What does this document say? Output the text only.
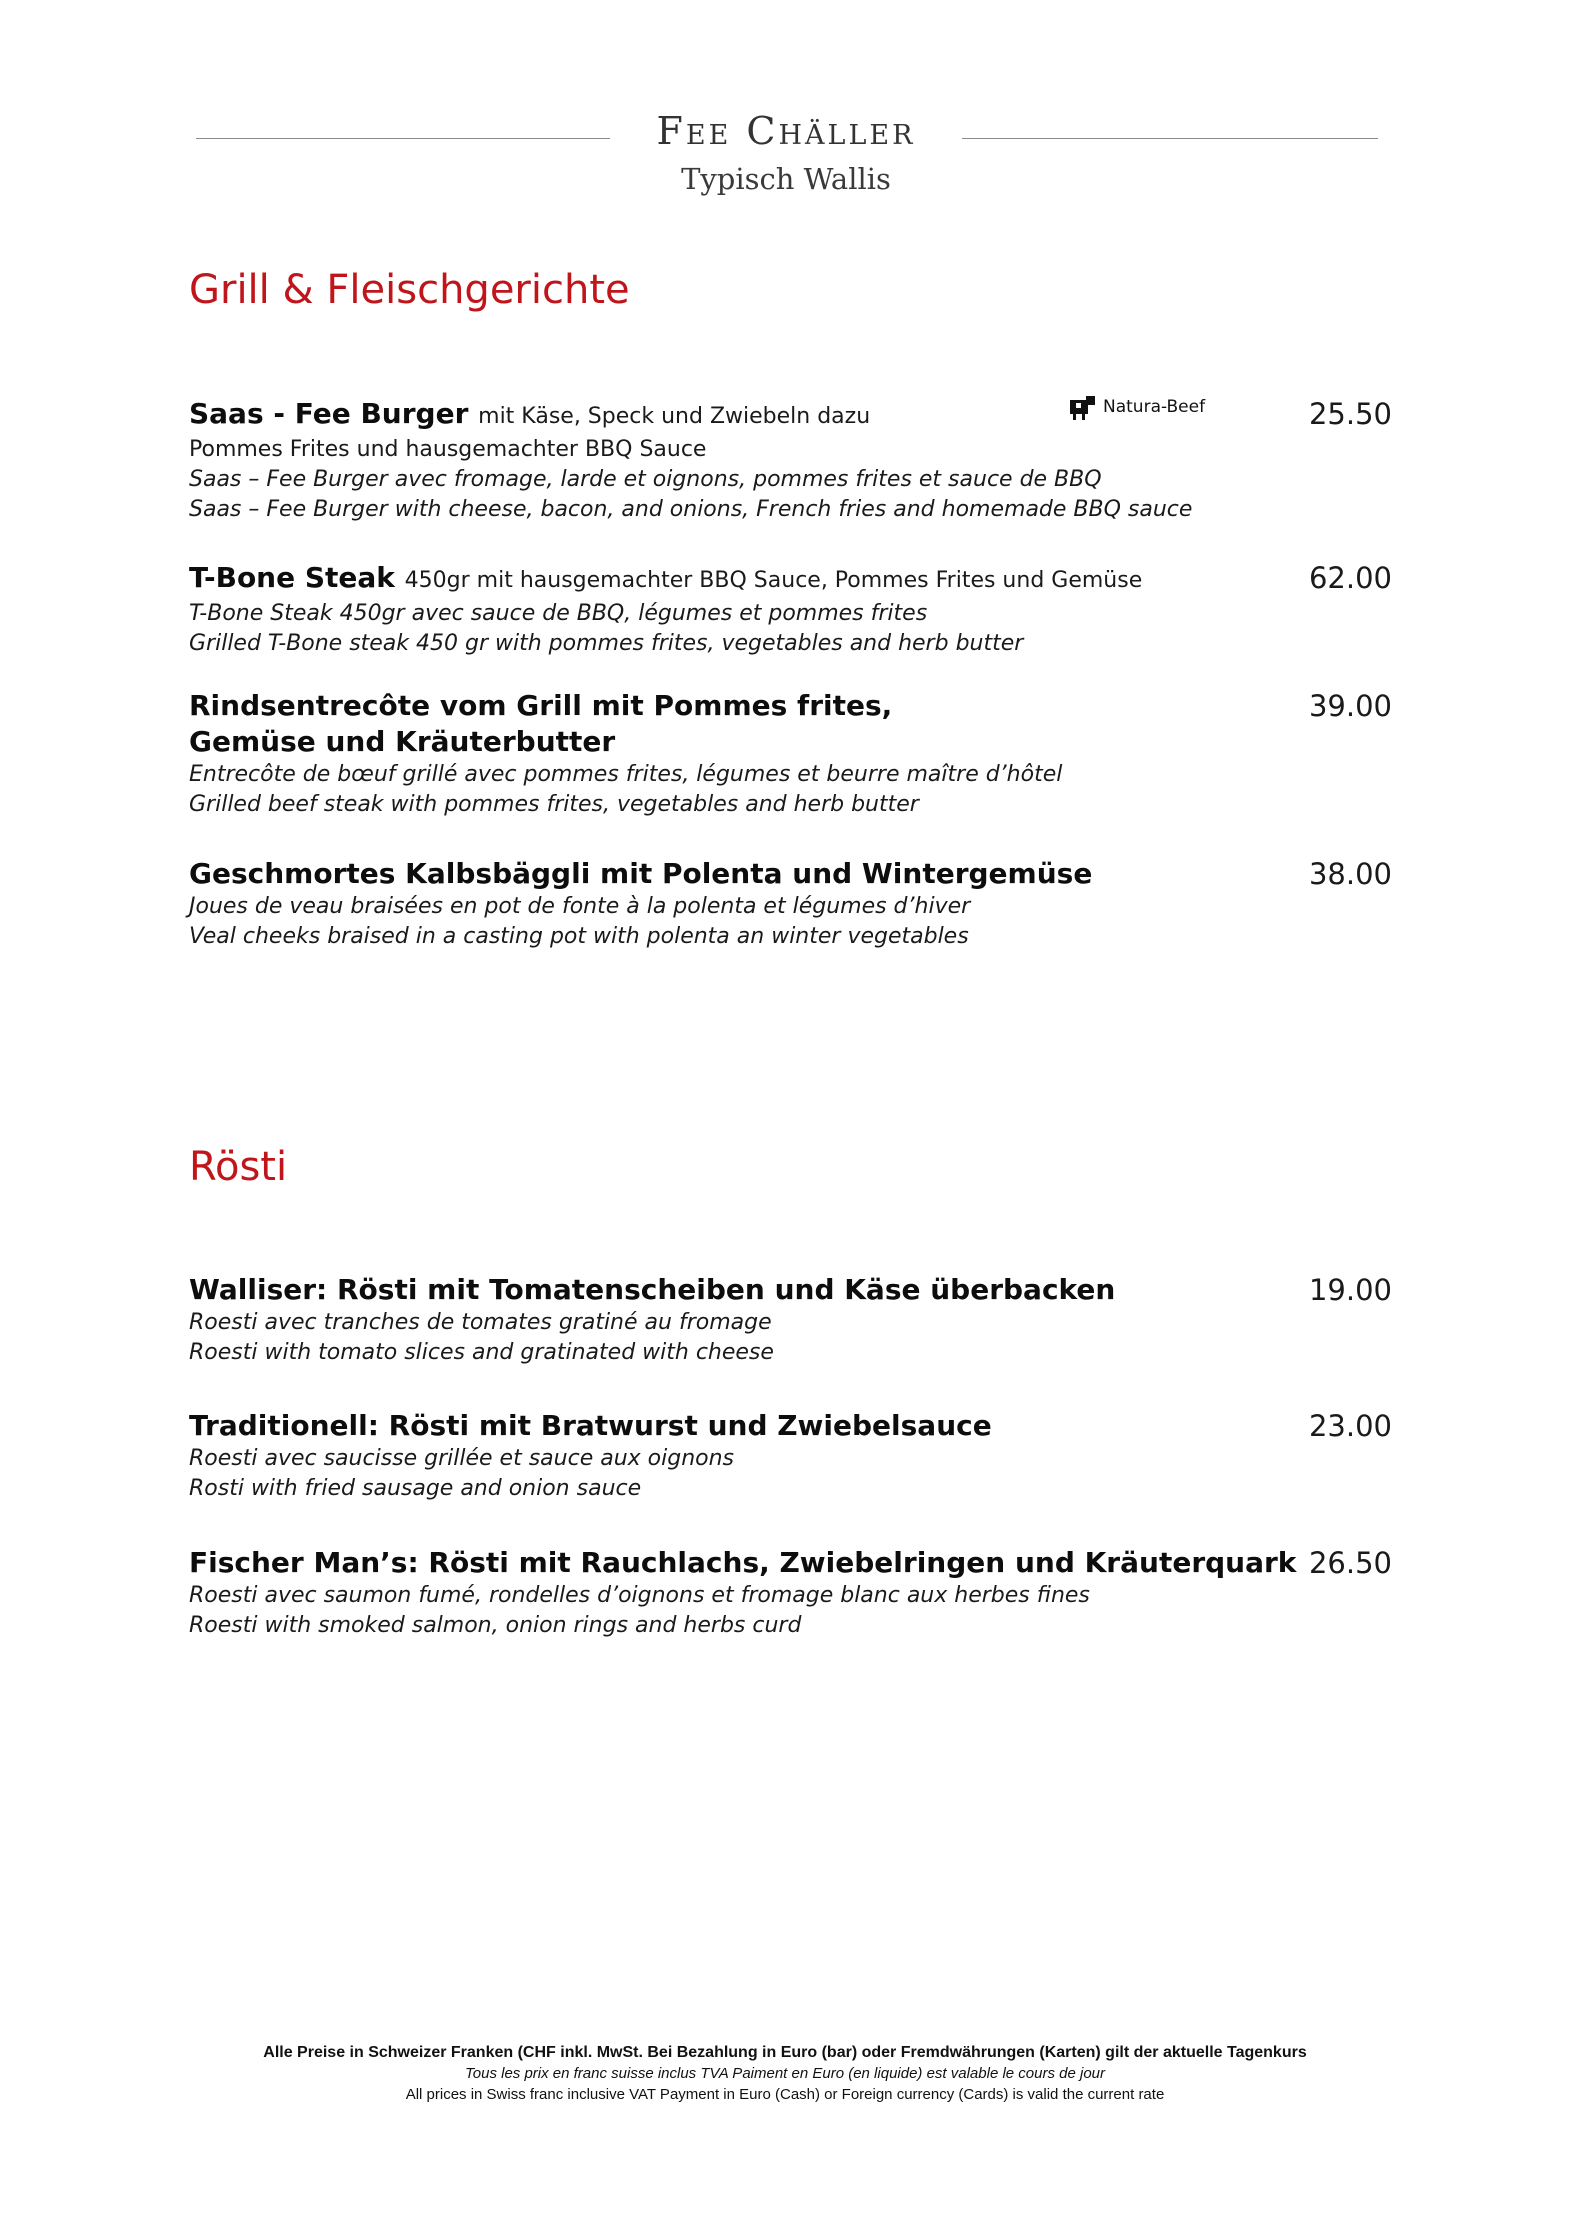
Fee Chäller
Typisch Wallis
Grill & Fleischgerichte
Saas - Fee Burger mit Käse, Speck und Zwiebeln dazu
Pommes Frites und hausgemachter BBQ Sauce
Saas – Fee Burger avec fromage, larde et oignons, pommes frites et sauce de BBQ
Saas – Fee Burger with cheese, bacon, and onions, French fries and homemade BBQ sauce
Natura-Beef	25.50
T-Bone Steak 450gr mit hausgemachter BBQ Sauce, Pommes Frites und Gemüse
T-Bone Steak 450gr avec sauce de BBQ, légumes et pommes frites
Grilled T-Bone steak 450 gr with pommes frites, vegetables and herb butter
62.00
Rindsentrecôte vom Grill mit Pommes frites,
Gemüse und Kräuterbutter
Entrecôte de bœuf grillé avec pommes frites, légumes et beurre maître d’hôtel
Grilled beef steak with pommes frites, vegetables and herb butter
39.00
Geschmortes Kalbsbäggli mit Polenta und Wintergemüse
Joues de veau braisées en pot de fonte à la polenta et légumes d’hiver
Veal cheeks braised in a casting pot with polenta an winter vegetables
38.00
Rösti
Walliser: Rösti mit Tomatenscheiben und Käse überbacken
Roesti avec tranches de tomates gratiné au fromage
Roesti with tomato slices and gratinated with cheese
19.00
Traditionell: Rösti mit Bratwurst und Zwiebelsauce
Roesti avec saucisse grillée et sauce aux oignons
Rosti with fried sausage and onion sauce
23.00
Fischer Man’s: Rösti mit Rauchlachs, Zwiebelringen und Kräuterquark
Roesti avec saumon fumé, rondelles d’oignons et fromage blanc aux herbes fines
Roesti with smoked salmon, onion rings and herbs curd
26.50
Alle Preise in Schweizer Franken (CHF inkl. MwSt. Bei Bezahlung in Euro (bar) oder Fremdwährungen (Karten) gilt der aktuelle Tagenkurs
Tous les prix en franc suisse inclus TVA Paiment en Euro (en liquide) est valable le cours de jour
All prices in Swiss franc inclusive VAT Payment in Euro (Cash) or Foreign currency (Cards) is valid the current rate
